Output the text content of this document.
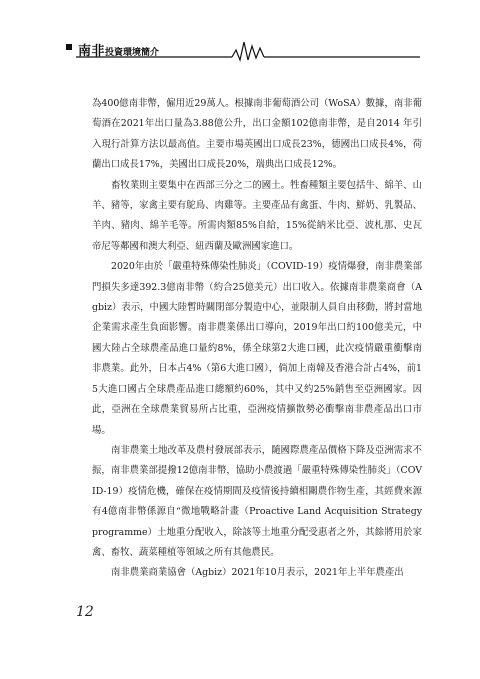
南非投資環境簡介

為400億南非幣，僱用近29萬人。根據南非葡萄酒公司（WoSA）數據，南非葡萄酒在2021年出口量為3.88億公升，出口金額102億南非幣，是自2014 年引入現行計算方法以最高值。主要市場英國出口成長23%，德國出口成長4%，荷蘭出口成長17%，美國出口成長20%，瑞典出口成長12%。

畜牧業則主要集中在西部三分之二的國土。牲畜種類主要包括牛、綿羊、山羊、豬等，家禽主要有鴕鳥、肉雞等。主要產品有禽蛋、牛肉、鮮奶、乳製品、羊肉、豬肉、綿羊毛等。所需肉類85%自給，15%從納米比亞、波札那、史瓦帝尼等鄰國和澳大利亞、紐西蘭及歐洲國家進口。

2020年由於「嚴重特殊傳染性肺炎」（COVID-19）疫情爆發，南非農業部門損失多達392.3億南非幣（約合25億美元）出口收入。依據南非農業商會（Agbiz）表示，中國大陸暫時關閉部分製造中心，並限制人員自由移動，將封當地企業需求產生負面影響。南非農業係出口導向，2019年出口約100億美元，中國大陸占全球農產品進口量約8%，係全球第2大進口國，此次疫情嚴重衝擊南非農業。此外，日本占4%（第6大進口國），倘加上南韓及香港合計占4%，前15大進口國占全球農產品進口總額約60%，其中又約25%銷售至亞洲國家。因此，亞洲在全球農業貿易所占比重，亞洲疫情擴散勢必衝擊南非農產品出口市場。

南非農業土地改革及農村發展部表示，隨國際農產品價格下降及亞洲需求不振，南非農業部提撥12億南非幣，協助小農渡過「嚴重特殊傳染性肺炎」（COVID-19）疫情危機，確保在疫情期間及疫情後持續相關農作物生產，其經費來源有4億南非幣係源自“微地戰略計畫（Proactive Land Acquisition Strategy programme）土地重分配收入，除該等土地重分配受惠者之外，其餘將用於家禽、畜牧、蔬菜種植等領域之所有其他農民。

南非農業商業協會（Agbiz）2021年10月表示，2021年上半年農產出

12
